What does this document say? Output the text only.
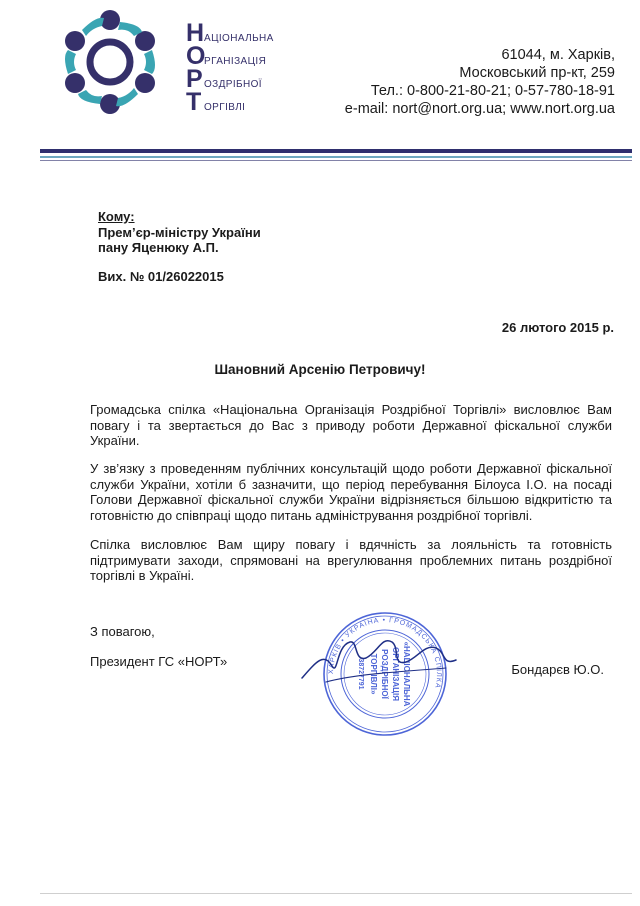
Н АЦІОНАЛЬНА
О
РГАНІЗАЦІЯ
Р ОЗДРІБНОЇ
Т ОРГІВЛІ
61044, м. Харків,
Московський пр-кт, 259
Тел.: 0-800-21-80-21; 0-57-780-18-91
e-mail: nort@nort.org.ua; www.nort.org.ua
Кому:
Прем’єр-міністру України
пану Яценюку А.П.
Вих. № 01/26022015
26 лютого 2015 р.
Шановний Арсенію Петровичу!
Громадська спілка «Національна Організація Роздрібної Торгівлі» висловлює Вам повагу і та звертається до Вас з приводу роботи Державної фіскальної служби України.
У зв’язку з проведенням публічних консультацій щодо роботи Державної фіскальної служби України, хотіли б зазначити, що період перебування Білоуса І.О. на посаді Голови Державної фіскальної служби України відрізняється більшою відкритістю та готовністю до співпраці щодо питань адміністрування роздрібної торгівлі.
Спілка висловлює Вам щиру повагу і вдячність за лояльність та готовність підтримувати заходи, спрямовані на врегулювання проблемних питань роздрібної торгівлі в Україні.
З повагою,
Президент ГС «НОРТ»
Бондарєв Ю.О.
ХАРКІВ • УКРАЇНА • ГРОМАДСЬКА СПІЛКА
«НАЦІОНАЛЬНА
ОРГАНІЗАЦІЯ
РОЗДРІБНОЇ
ТОРГІВЛІ»
38727791
